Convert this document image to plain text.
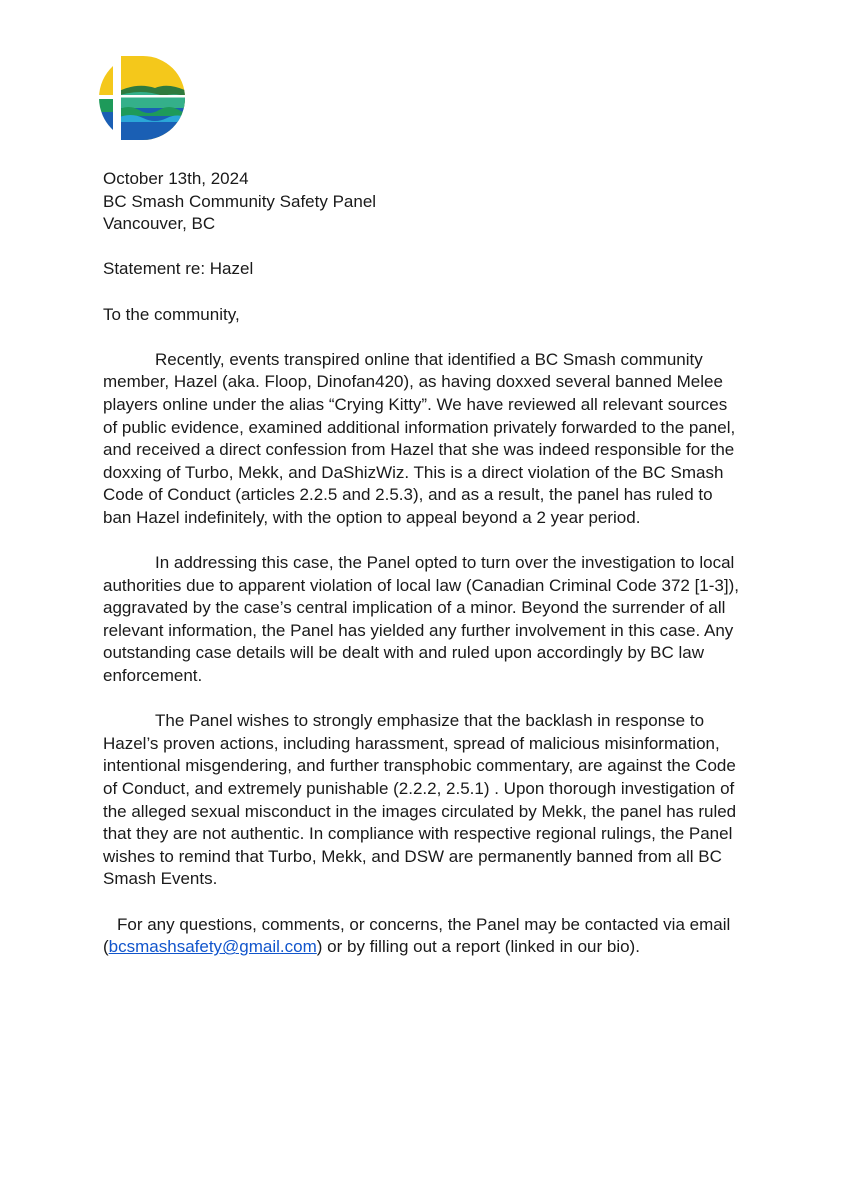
October 13th, 2024

BC Smash Community Safety Panel

Vancouver, BC

Statement re: Hazel

To the community,

Recently, events transpired online that identified a BC Smash community member, Hazel (aka. Floop, Dinofan420), as having doxxed several banned Melee players online under the alias “Crying Kitty”. We have reviewed all relevant sources of public evidence, examined additional information privately forwarded to the panel, and received a direct confession from Hazel that she was indeed responsible for the doxxing of Turbo, Mekk, and DaShizWiz. This is a direct violation of the BC Smash Code of Conduct (articles 2.2.5 and 2.5.3), and as a result, the panel has ruled to ban Hazel indefinitely, with the option to appeal beyond a 2 year period.

In addressing this case, the Panel opted to turn over the investigation to local authorities due to apparent violation of local law (Canadian Criminal Code 372 [1-3]), aggravated by the case’s central implication of a minor. Beyond the surrender of all relevant information, the Panel has yielded any further involvement in this case. Any outstanding case details will be dealt with and ruled upon accordingly by BC law enforcement.

The Panel wishes to strongly emphasize that the backlash in response to Hazel’s proven actions, including harassment, spread of malicious misinformation, intentional misgendering, and further transphobic commentary, are against the Code of Conduct, and extremely punishable (2.2.2, 2.5.1) . Upon thorough investigation of the alleged sexual misconduct in the images circulated by Mekk, the panel has ruled that they are not authentic. In compliance with respective regional rulings, the Panel wishes to remind that Turbo, Mekk, and DSW are permanently banned from all BC Smash Events.

For any questions, comments, or concerns, the Panel may be contacted via email (bcsmashsafety@gmail.com) or by filling out a report (linked in our bio).
